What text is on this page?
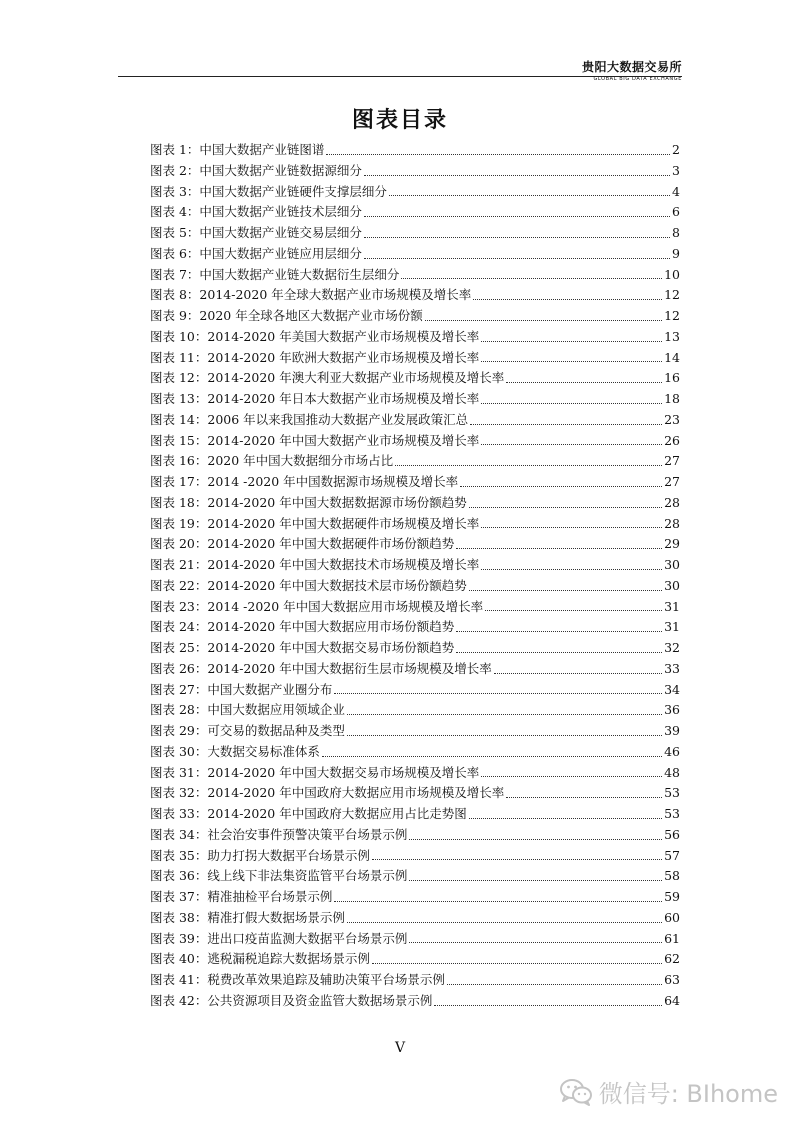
贵阳大数据交易所
GLOBAL BIG DATA EXCHANGE
图表目录
图表 1：中国大数据产业链图谱	2
图表 2：中国大数据产业链数据源细分	3
图表 3：中国大数据产业链硬件支撑层细分	4
图表 4：中国大数据产业链技术层细分	6
图表 5：中国大数据产业链交易层细分	8
图表 6：中国大数据产业链应用层细分	9
图表 7：中国大数据产业链大数据衍生层细分	10
图表 8：2014-2020 年全球大数据产业市场规模及增长率	12
图表 9：2020 年全球各地区大数据产业市场份额	12
图表 10：2014-2020 年美国大数据产业市场规模及增长率	13
图表 11：2014-2020 年欧洲大数据产业市场规模及增长率	14
图表 12：2014-2020 年澳大利亚大数据产业市场规模及增长率	16
图表 13：2014-2020 年日本大数据产业市场规模及增长率	18
图表 14：2006 年以来我国推动大数据产业发展政策汇总	23
图表 15：2014-2020 年中国大数据产业市场规模及增长率	26
图表 16：2020 年中国大数据细分市场占比	27
图表 17：2014 -2020 年中国数据源市场规模及增长率	27
图表 18：2014-2020 年中国大数据数据源市场份额趋势	28
图表 19：2014-2020 年中国大数据硬件市场规模及增长率	28
图表 20：2014-2020 年中国大数据硬件市场份额趋势	29
图表 21：2014-2020 年中国大数据技术市场规模及增长率	30
图表 22：2014-2020 年中国大数据技术层市场份额趋势	30
图表 23：2014 -2020 年中国大数据应用市场规模及增长率	31
图表 24：2014-2020 年中国大数据应用市场份额趋势	31
图表 25：2014-2020 年中国大数据交易市场份额趋势	32
图表 26：2014-2020 年中国大数据衍生层市场规模及增长率	33
图表 27：中国大数据产业圈分布	34
图表 28：中国大数据应用领域企业	36
图表 29：可交易的数据品种及类型	39
图表 30：大数据交易标准体系	46
图表 31：2014-2020 年中国大数据交易市场规模及增长率	48
图表 32：2014-2020 年中国政府大数据应用市场规模及增长率	53
图表 33：2014-2020 年中国政府大数据应用占比走势图	53
图表 34：社会治安事件预警决策平台场景示例	56
图表 35：助力打拐大数据平台场景示例	57
图表 36：线上线下非法集资监管平台场景示例	58
图表 37：精准抽检平台场景示例	59
图表 38：精准打假大数据场景示例	60
图表 39：进出口疫苗监测大数据平台场景示例	61
图表 40：逃税漏税追踪大数据场景示例	62
图表 41：税费改革效果追踪及辅助决策平台场景示例	63
图表 42：公共资源项目及资金监管大数据场景示例	64
V
微信号: BIhome
